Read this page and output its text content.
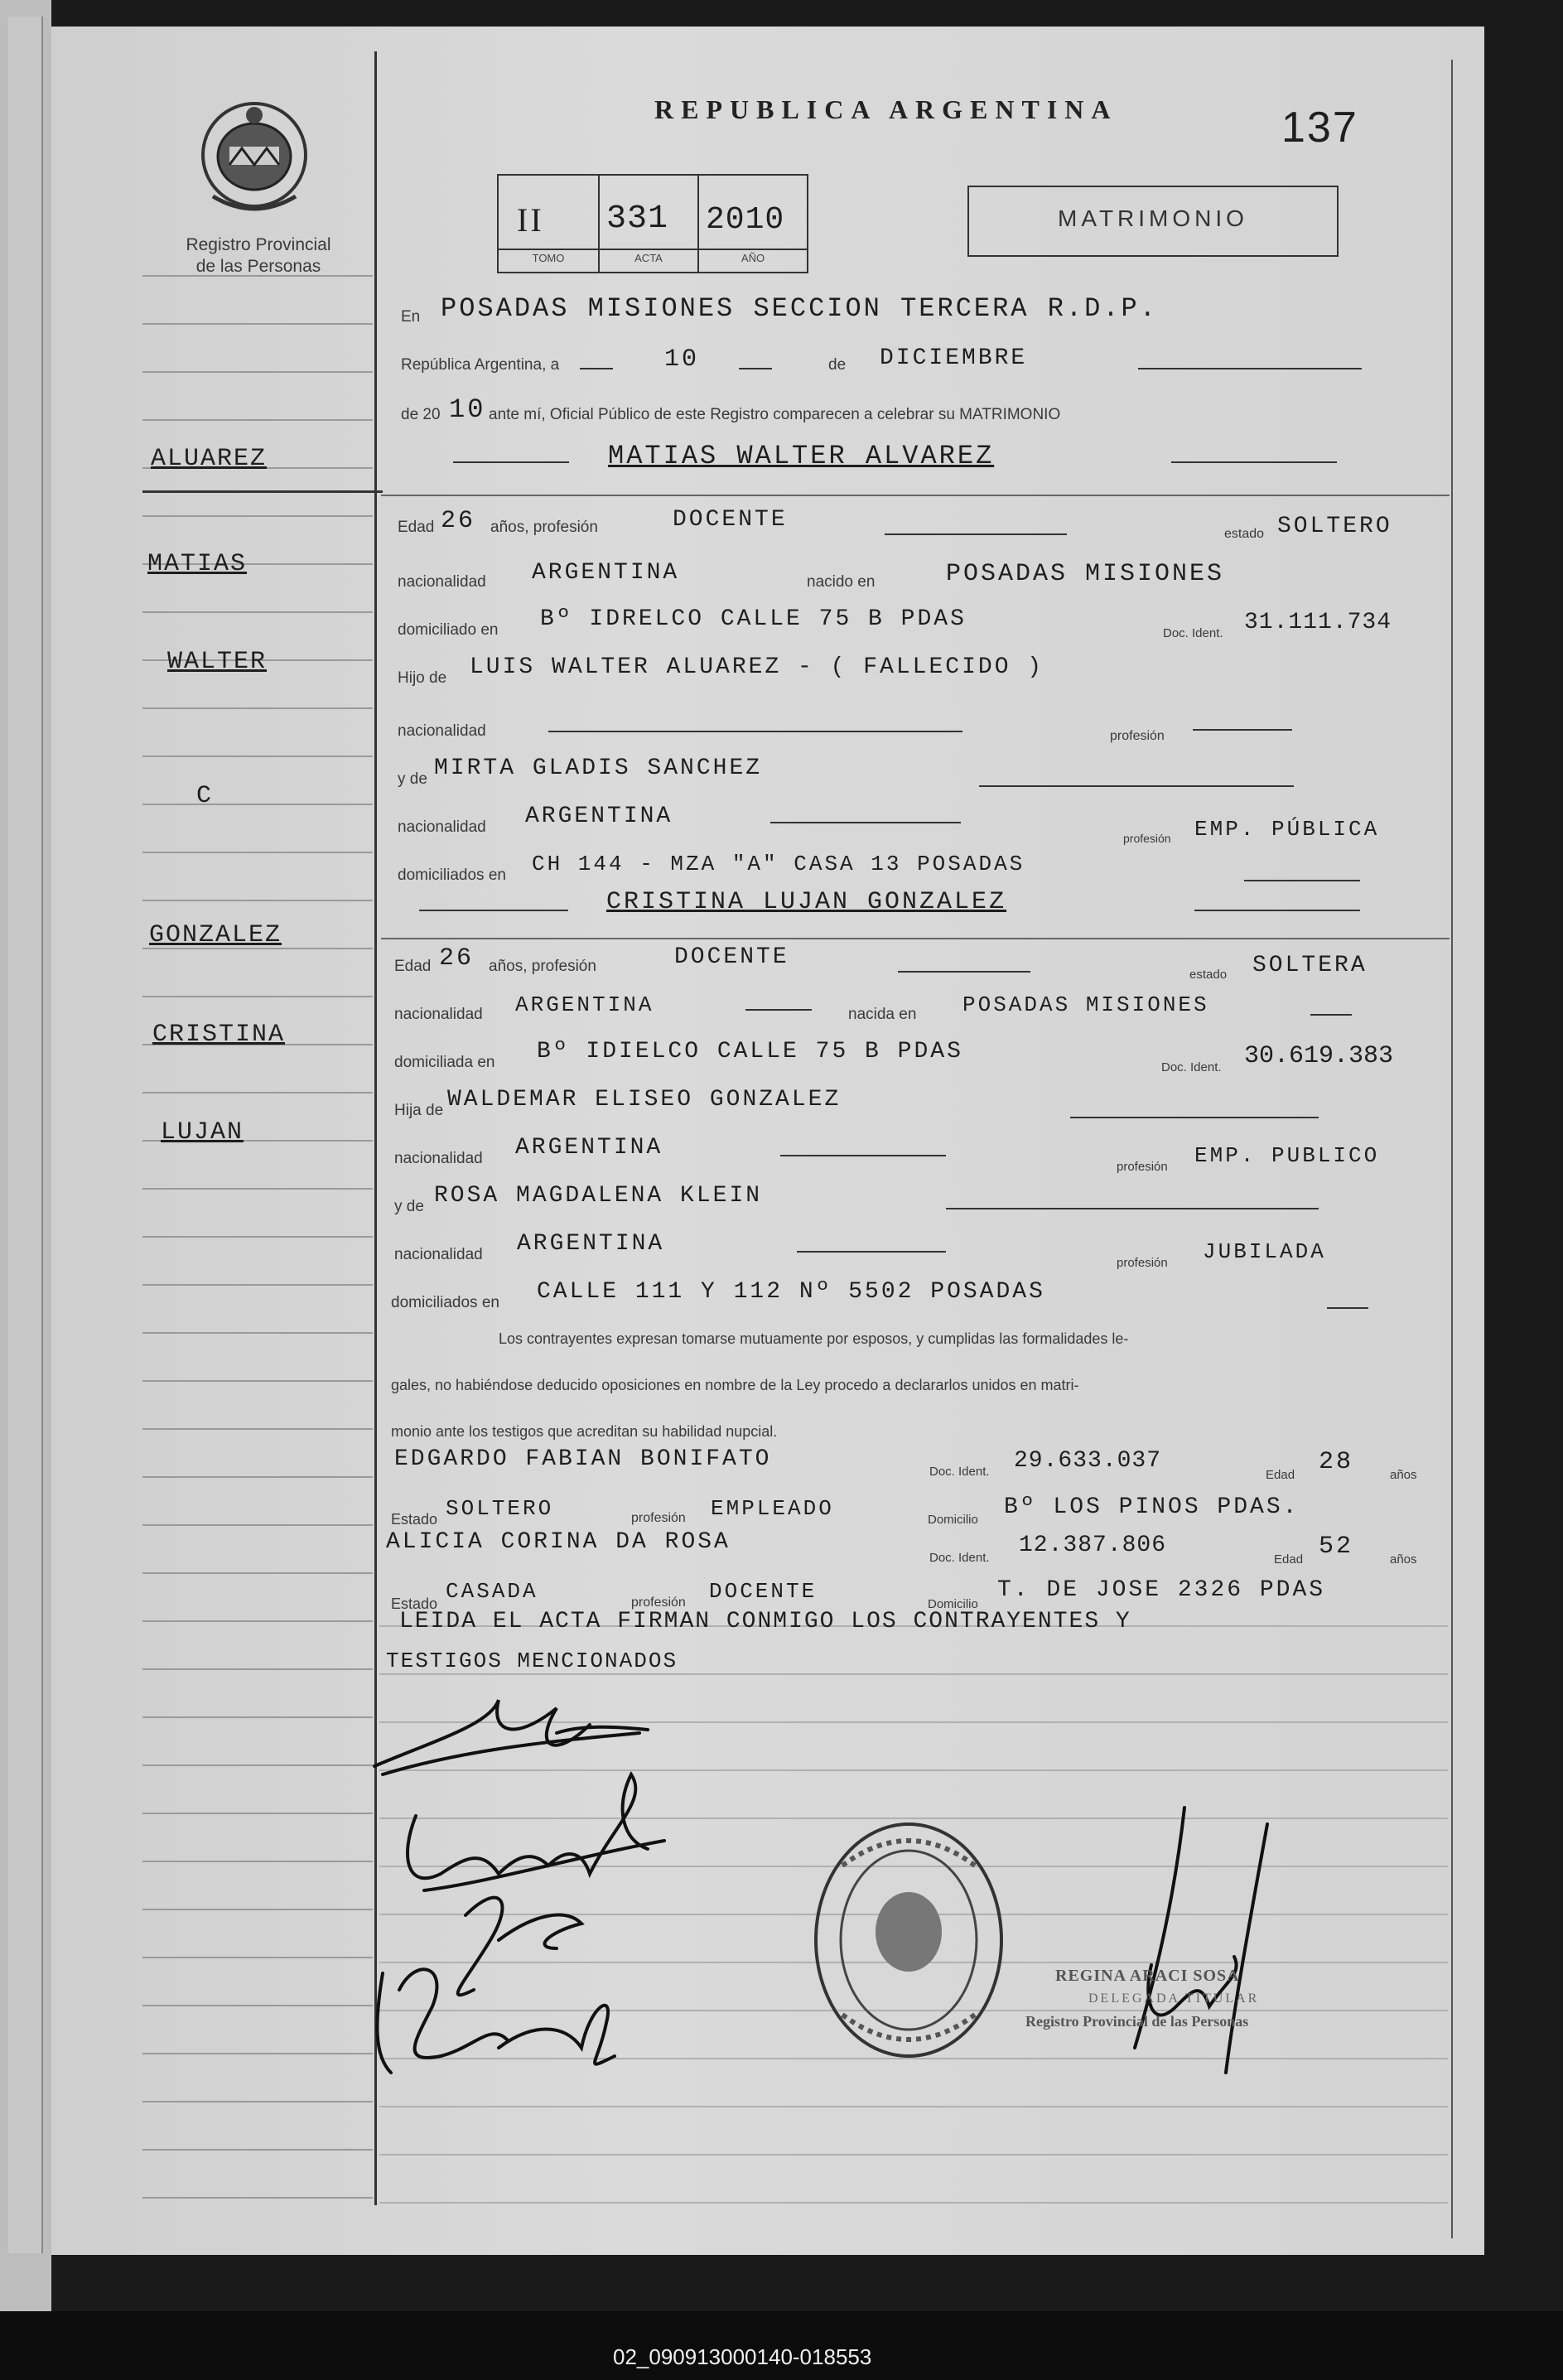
Registro Provincial
de las Personas
REPUBLICA ARGENTINA	137
II 331 2010
TOMO	ACTA	AÑO
MATRIMONIO
ALUAREZ
MATIAS
WALTER
C
GONZALEZ
CRISTINA
LUJAN
En POSADAS MISIONES SECCION TERCERA R.D.P.
República Argentina, a	10	de DICIEMBRE
de 20 10 ante mí, Oficial Público de este Registro comparecen a celebrar su MATRIMONIO
MATIAS WALTER ALVAREZ
Edad 26 años, profesión	DOCENTE
estado SOLTERO
nacionalidad ARGENTINA	nacido en	POSADAS MISIONES
domiciliado en Bº IDRELCO CALLE 75 B PDAS
Doc. Ident. 31.111.734
Hijo de LUIS WALTER ALUAREZ - ( FALLECIDO )
nacionalidad	profesión
y de MIRTA GLADIS SANCHEZ
nacionalidad ARGENTINA
profesión EMP. PÚBLICA
domiciliados en CH 144 - MZA "A" CASA 13 POSADAS
CRISTINA LUJAN GONZALEZ
Edad 26 años, profesión	DOCENTE
estado SOLTERA
nacionalidad ARGENTINA	nacida en POSADAS MISIONES
domiciliada en Bº IDIELCO CALLE 75 B PDAS
Doc. Ident. 30.619.383
Hija de WALDEMAR ELISEO GONZALEZ
nacionalidad ARGENTINA
profesión EMP. PUBLICO
y de ROSA MAGDALENA KLEIN
nacionalidad ARGENTINA
profesión JUBILADA
domiciliados en CALLE 111 Y 112 Nº 5502 POSADAS
Los contrayentes expresan tomarse mutuamente por esposos, y cumplidas las formalidades le-
gales, no habiéndose deducido oposiciones en nombre de la Ley procedo a declararlos unidos en matri-
monio ante los testigos que acreditan su habilidad nupcial.
EDGARDO FABIAN BONIFATO	Doc. Ident. 29.633.037
Edad 28	años
Estado SOLTERO	profesión EMPLEADO	Domicilio Bº LOS PINOS PDAS.
ALICIA CORINA DA ROSA
Doc. Ident. 12.387.806
Edad 52	años
Estado CASADA	profesión DOCENTE
Domicilio
T. DE JOSE 2326 PDAS
LEIDA EL ACTA FIRMAN CONMIGO LOS CONTRAYENTES Y
TESTIGOS MENCIONADOS
REGINA ARACI SOSA
DELEGADA TITULAR
Registro Provincial de las Personas
02_090913000140-018553
